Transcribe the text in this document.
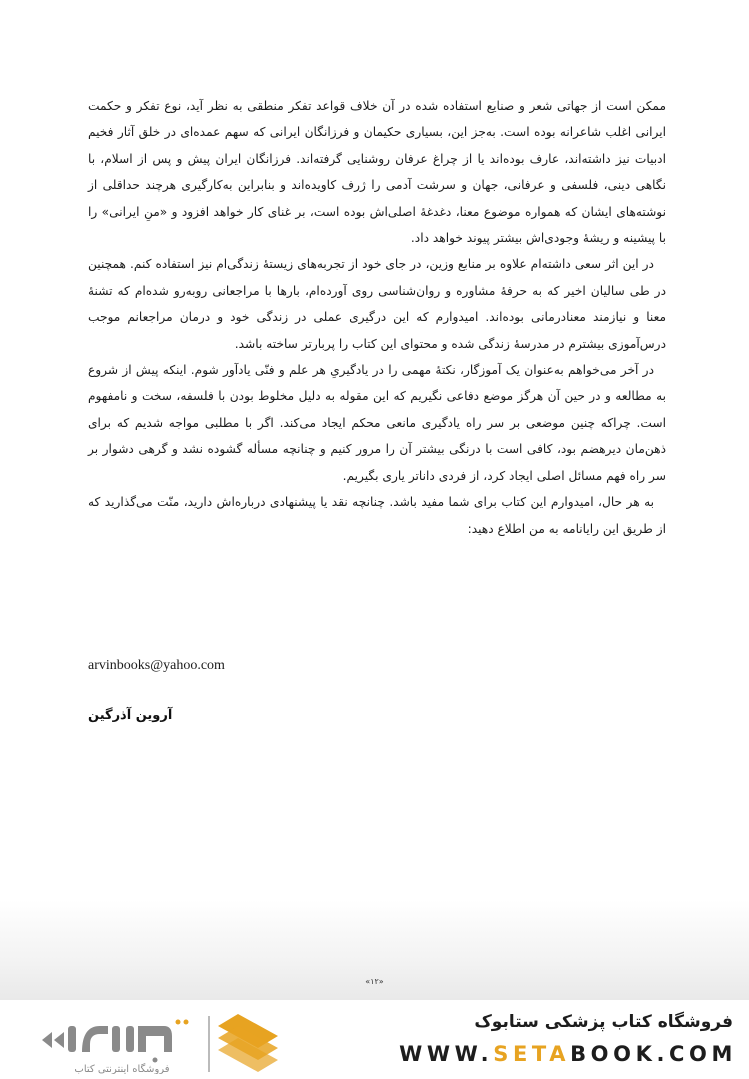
ممکن است از جهاتی شعر و صنایع استفاده شده در آن خلاف قواعد تفکر منطقی به نظر آید، نوع تفکر و حکمت ایرانی اغلب شاعرانه بوده است. به‌جز این، بسیاری حکیمان و فرزانگان ایرانی که سهم عمده‌ای در خلق آثار فخیم ادبیات نیز داشته‌اند، عارف بوده‌اند یا از چراغ عرفان روشنایی گرفته‌اند. فرزانگان ایران پیش و پس از اسلام، با نگاهی دینی، فلسفی و عرفانی، جهان و سرشت آدمی را ژرف کاویده‌اند و بنابراین به‌کارگیری هرچند حداقلی از نوشته‌های ایشان که همواره موضوع معنا، دغدغهٔ اصلی‌اش بوده است، بر غنای کار خواهد افزود و «منِ ایرانی» را با پیشینه و ریشهٔ وجودی‌اش بیشتر پیوند خواهد داد.

در این اثر سعی داشته‌ام علاوه بر منابع وزین، در جای خود از تجربه‌های زیستهٔ زندگی‌ام نیز استفاده کنم. همچنین در طی سالیان اخیر که به حرفهٔ مشاوره و روان‌شناسی روی آورده‌ام، بارها با مراجعانی روبه‌رو شده‌ام که تشنهٔ معنا و نیازمند معنادرمانی بوده‌اند. امیدوارم که این درگیری عملی در زندگی خود و درمان مراجعانم موجب درس‌آموزی بیشترم در مدرسهٔ زندگی شده و محتوای این کتاب را پربارتر ساخته باشد.

در آخر می‌خواهم به‌عنوان یک آموزگار، نکتهٔ مهمی را در یادگیریِ هر علم و فنّی یادآور شوم. اینکه پیش از شروع به مطالعه و در حین آن هرگز موضع دفاعی نگیریم که این مقوله به دلیل مخلوط بودن با فلسفه، سخت و نامفهوم است. چراکه چنین موضعی بر سر راه یادگیری مانعی محکم ایجاد می‌کند. اگر با مطلبی مواجه شدیم که برای ذهن‌مان دیرهضم بود، کافی است با درنگی بیشتر آن را مرور کنیم و چنانچه مسأله گشوده نشد و گرهی دشوار بر سر راه فهم مسائل اصلی ایجاد کرد، از فردی داناتر یاری بگیریم.

به هر حال، امیدوارم این کتاب برای شما مفید باشد. چنانچه نقد یا پیشنهادی درباره‌اش دارید، منّت می‌گذارید که از طریق این رایانامه به من اطلاع دهید:

arvinbooks@yahoo.com
آروین آذرگین
«۱۲»
فروشگاه اینترنتی کتاب
فروشگاه کتاب پزشکی ستابوک
WWW.SETABOOK.COM
